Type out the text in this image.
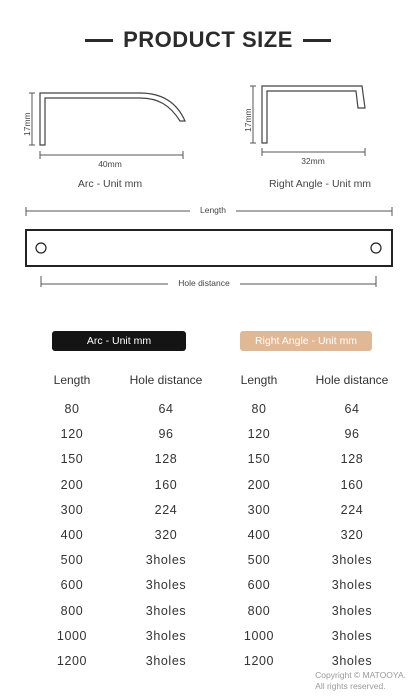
PRODUCT SIZE
17mm
40mm
Arc - Unit mm
17mm
32mm
Right Angle - Unit mm
Length
Hole distance
Arc - Unit mm	Right Angle - Unit mm
Length	Hole distance	Length	Hole distance
80	64	80	64
120	96	120	96
150	128	150	128
200	160	200	160
300	224	300	224
400	320	400	320
500	3holes	500	3holes
600	3holes	600	3holes
800	3holes	800	3holes
1000	3holes	1000	3holes
1200	3holes	1200	3holes
Copyright © MATOOYA.
All rights reserved.
